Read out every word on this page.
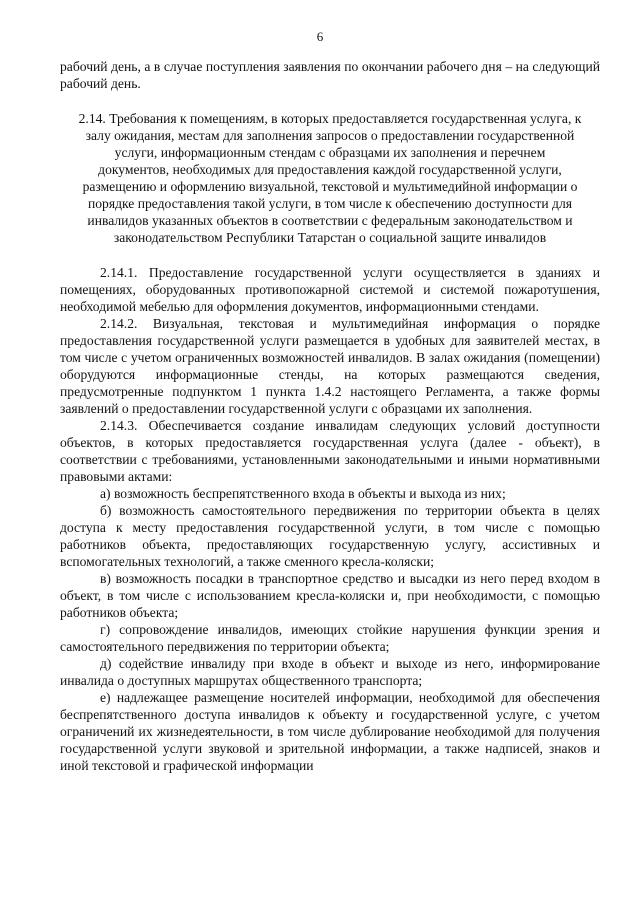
6

рабочий день, а в случае поступления заявления по окончании рабочего дня – на следующий рабочий день.

2.14. Требования к помещениям, в которых предоставляется государственная услуга, к залу ожидания, местам для заполнения запросов о предоставлении государственной услуги, информационным стендам с образцами их заполнения и перечнем документов, необходимых для предоставления каждой государственной услуги, размещению и оформлению визуальной, текстовой и мультимедийной информации о порядке предоставления такой услуги, в том числе к обеспечению доступности для инвалидов указанных объектов в соответствии с федеральным законодательством и законодательством Республики Татарстан о социальной защите инвалидов

2.14.1. Предоставление государственной услуги осуществляется в зданиях и помещениях, оборудованных противопожарной системой и системой пожаротушения, необходимой мебелью для оформления документов, информационными стендами.

2.14.2. Визуальная, текстовая и мультимедийная информация о порядке предоставления государственной услуги размещается в удобных для заявителей местах, в том числе с учетом ограниченных возможностей инвалидов. В залах ожидания (помещении) оборудуются информационные стенды, на которых размещаются сведения, предусмотренные подпунктом 1 пункта 1.4.2 настоящего Регламента, а также формы заявлений о предоставлении государственной услуги с образцами их заполнения.

2.14.3. Обеспечивается создание инвалидам следующих условий доступности объектов, в которых предоставляется государственная услуга (далее - объект), в соответствии с требованиями, установленными законодательными и иными нормативными правовыми актами:

а) возможность беспрепятственного входа в объекты и выхода из них;

б) возможность самостоятельного передвижения по территории объекта в целях доступа к месту предоставления государственной услуги, в том числе с помощью работников объекта, предоставляющих государственную услугу, ассистивных и вспомогательных технологий, а также сменного кресла-коляски;

в) возможность посадки в транспортное средство и высадки из него перед входом в объект, в том числе с использованием кресла-коляски и, при необходимости, с помощью работников объекта;

г) сопровождение инвалидов, имеющих стойкие нарушения функции зрения и самостоятельного передвижения по территории объекта;

д) содействие инвалиду при входе в объект и выходе из него, информирование инвалида о доступных маршрутах общественного транспорта;

е) надлежащее размещение носителей информации, необходимой для обеспечения беспрепятственного доступа инвалидов к объекту и государственной услуге, с учетом ограничений их жизнедеятельности, в том числе дублирование необходимой для получения государственной услуги звуковой и зрительной информации, а также надписей, знаков и иной текстовой и графической информации
